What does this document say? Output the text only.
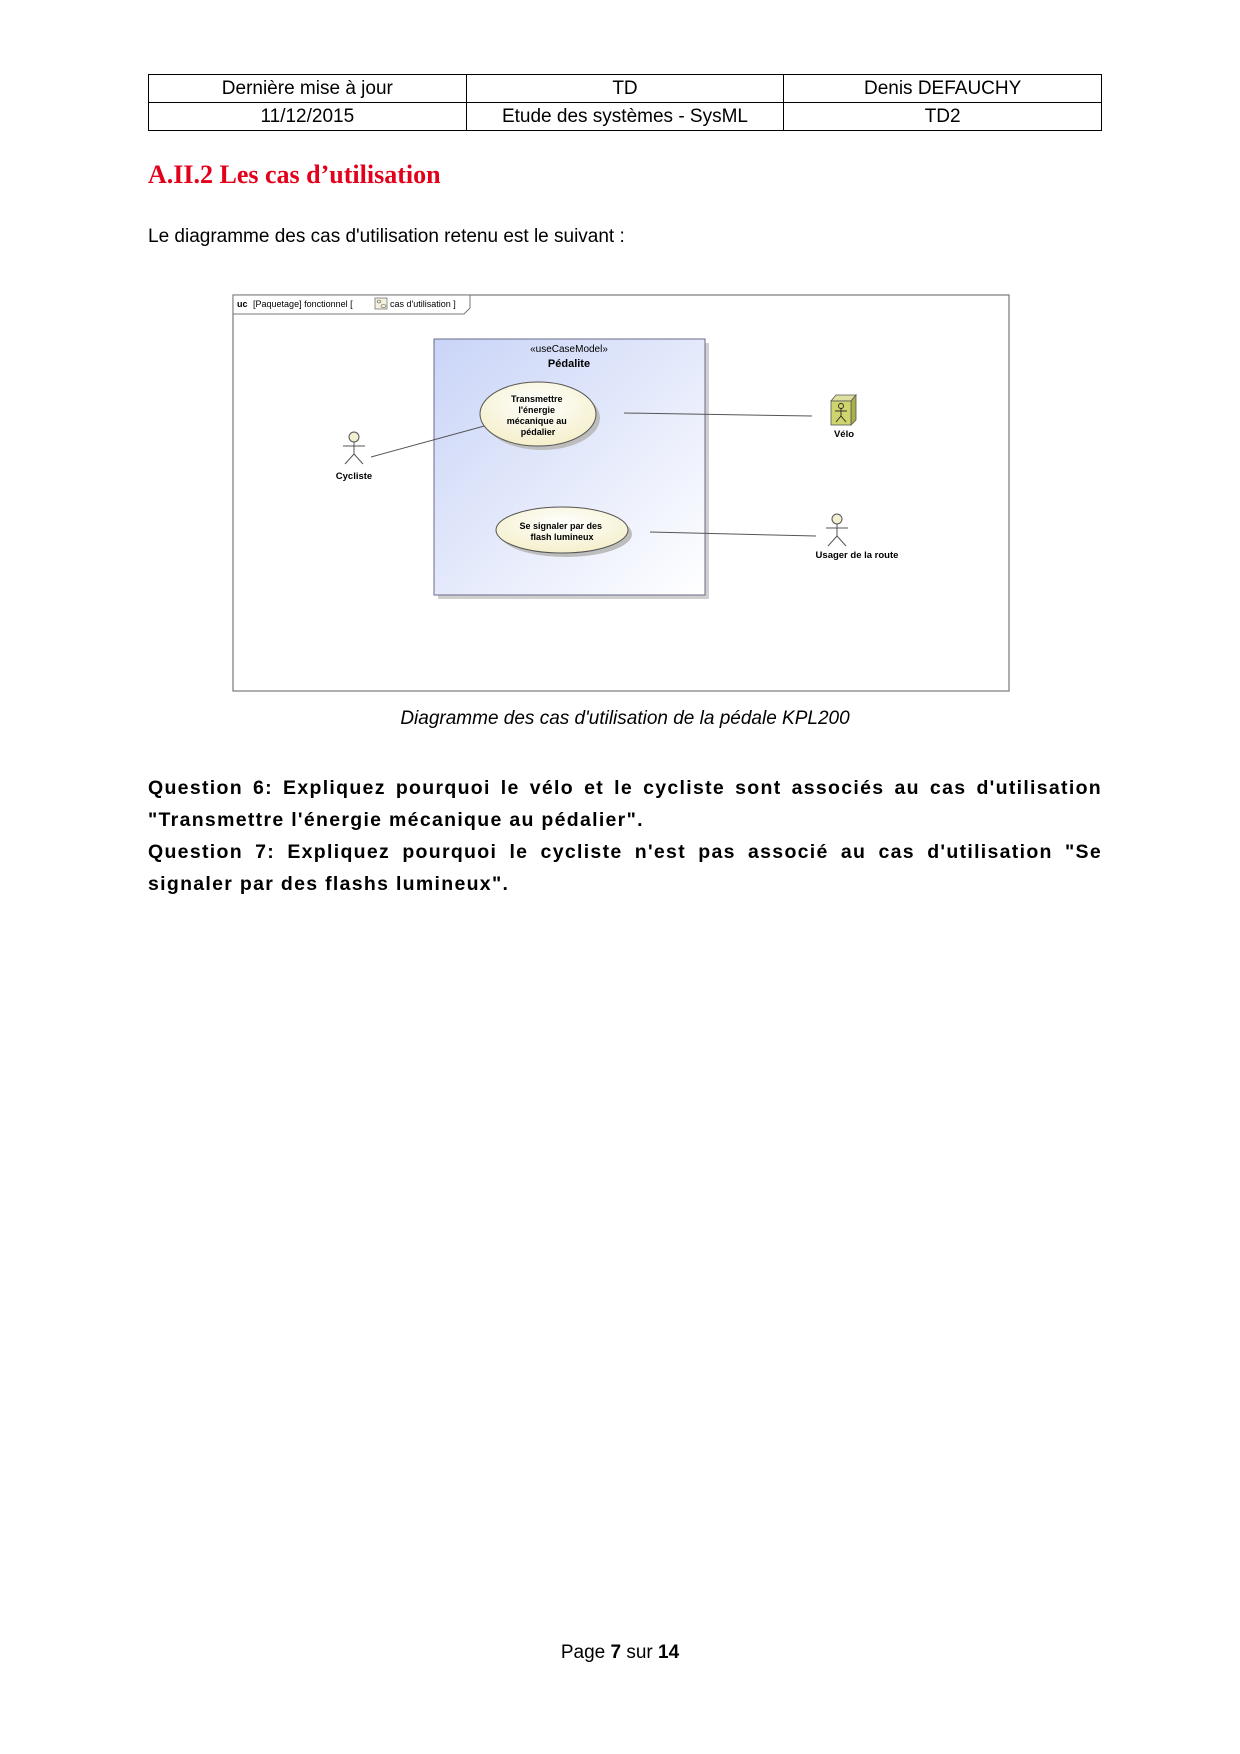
Dernière mise à jour	TD	Denis DEFAUCHY
11/12/2015	Etude des systèmes - SysML	TD2
A.II.2 Les cas d’utilisation

Le diagramme des cas d'utilisation retenu est le suivant :

uc [Paquetage] fonctionnel [	cas d'utilisation ]
«useCaseModel»
Pédalite
Transmettre l'énergie mécanique au pédalier
Se signaler par des flash lumineux
Cycliste
Vélo
Usager de la route

Diagramme des cas d'utilisation de la pédale KPL200

Question 6: Expliquez pourquoi le vélo et le cycliste sont associés au cas d'utilisation "Transmettre l'énergie mécanique au pédalier".

Question 7: Expliquez pourquoi le cycliste n'est pas associé au cas d'utilisation "Se signaler par des flashs lumineux".

Page 7 sur 14
